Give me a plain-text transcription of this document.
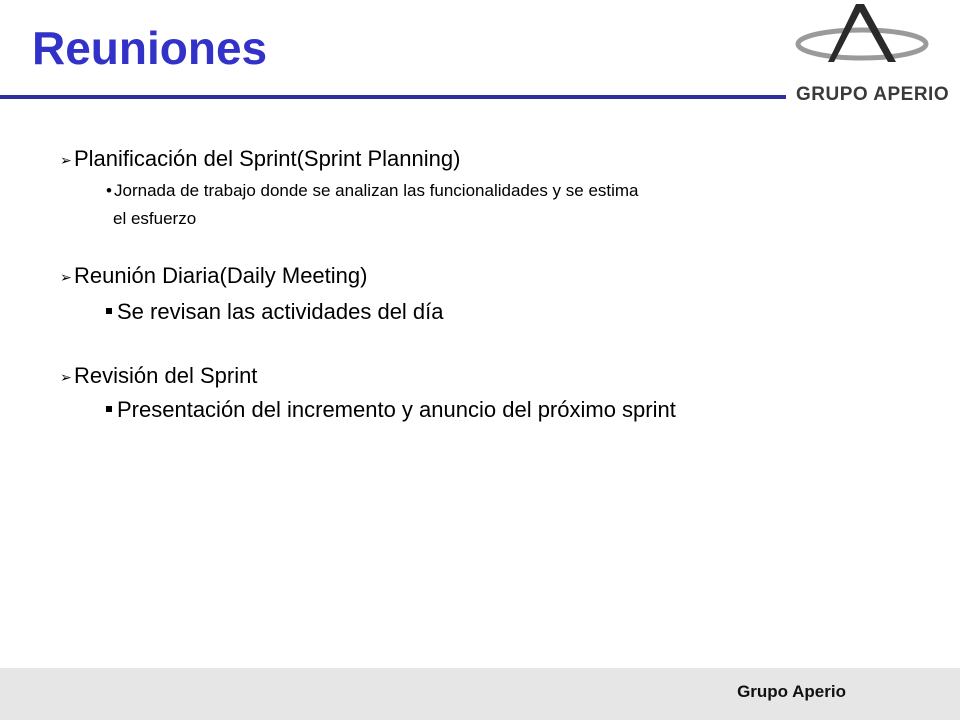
Reuniones
GRUPO APERIO
➢ Planificación del Sprint(Sprint Planning)
• Jornada de trabajo donde se analizan las funcionalidades y se estima
el esfuerzo
➢ Reunión Diaria(Daily Meeting)
Se revisan las actividades del día
➢ Revisión del Sprint
Presentación del incremento y anuncio del próximo sprint
Grupo Aperio
